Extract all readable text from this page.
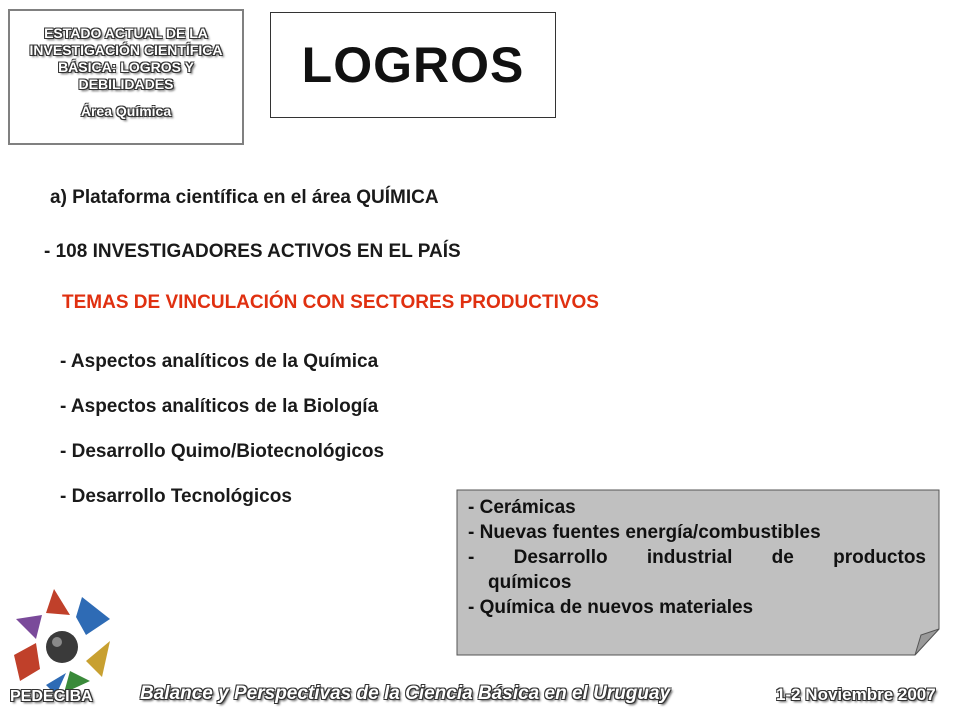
ESTADO ACTUAL DE LA INVESTIGACIÓN CIENTÍFICA BÁSICA: LOGROS Y DEBILIDADES
Área Química
LOGROS
a) Plataforma científica en el área QUÍMICA
- 108 INVESTIGADORES ACTIVOS EN EL PAÍS
TEMAS DE VINCULACIÓN CON SECTORES PRODUCTIVOS
- Aspectos analíticos de la Química
- Aspectos analíticos de la Biología
- Desarrollo Quimo/Biotecnológicos
- Desarrollo Tecnológicos
- Cerámicas
- Nuevas fuentes energía/combustibles
- Desarrollo industrial de productos
químicos
- Química de nuevos materiales
PEDECIBA Balance y Perspectivas de la Ciencia Básica en el Uruguay	1-2 Noviembre 2007
